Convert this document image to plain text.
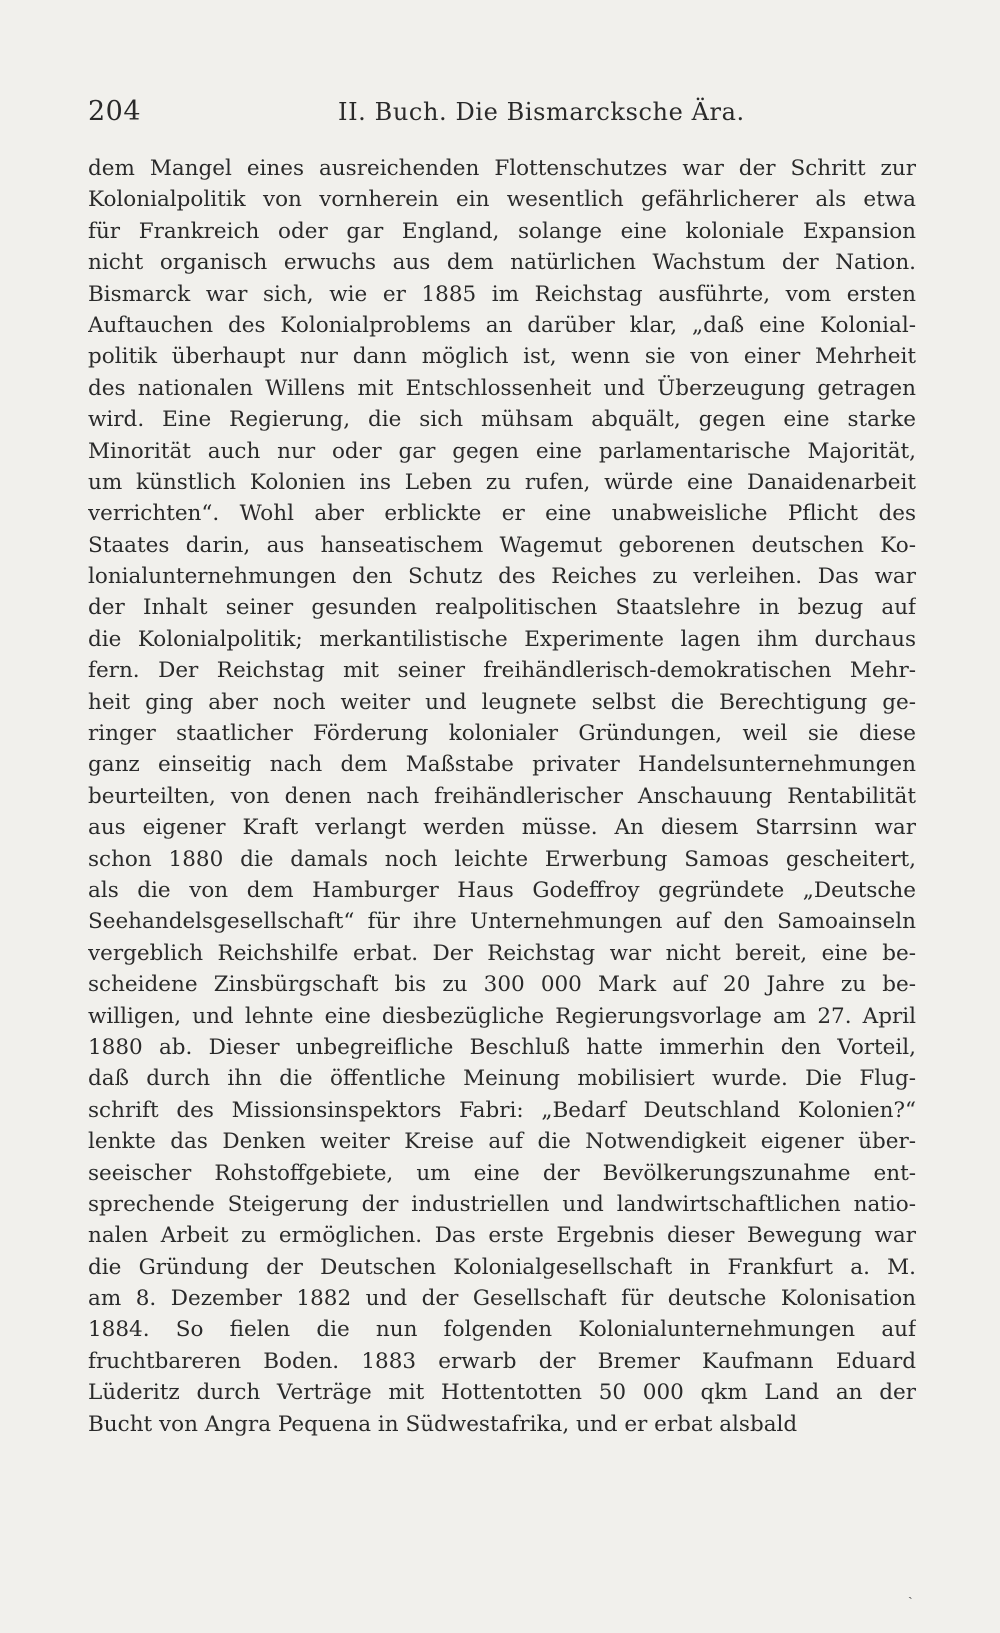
204	II. Buch. Die Bismarcksche Ära.
dem Mangel eines ausreichenden Flottenschutzes war der Schritt zur
Kolonialpolitik von vornherein ein wesentlich gefährlicherer als etwa
für Frankreich oder gar England, solange eine koloniale Expansion
nicht organisch erwuchs aus dem natürlichen Wachstum der Nation.
Bismarck war sich, wie er 1885 im Reichstag ausführte, vom ersten
Auftauchen des Kolonialproblems an darüber klar, „daß eine Kolonial-
politik überhaupt nur dann möglich ist, wenn sie von einer Mehrheit
des nationalen Willens mit Entschlossenheit und Überzeugung getragen
wird. Eine Regierung, die sich mühsam abquält, gegen eine starke
Minorität auch nur oder gar gegen eine parlamentarische Majorität,
um künstlich Kolonien ins Leben zu rufen, würde eine Danaidenarbeit
verrichten“. Wohl aber erblickte er eine unabweisliche Pflicht des
Staates darin, aus hanseatischem Wagemut geborenen deutschen Ko-
lonialunternehmungen den Schutz des Reiches zu verleihen. Das war
der Inhalt seiner gesunden realpolitischen Staatslehre in bezug auf
die Kolonialpolitik; merkantilistische Experimente lagen ihm durchaus
fern. Der Reichstag mit seiner freihändlerisch-demokratischen Mehr-
heit ging aber noch weiter und leugnete selbst die Berechtigung ge-
ringer staatlicher Förderung kolonialer Gründungen, weil sie diese
ganz einseitig nach dem Maßstabe privater Handelsunternehmungen
beurteilten, von denen nach freihändlerischer Anschauung Rentabilität
aus eigener Kraft verlangt werden müsse. An diesem Starrsinn war
schon 1880 die damals noch leichte Erwerbung Samoas gescheitert,
als die von dem Hamburger Haus Godeffroy gegründete „Deutsche
Seehandelsgesellschaft“ für ihre Unternehmungen auf den Samoainseln
vergeblich Reichshilfe erbat. Der Reichstag war nicht bereit, eine be-
scheidene Zinsbürgschaft bis zu 300 000 Mark auf 20 Jahre zu be-
willigen, und lehnte eine diesbezügliche Regierungsvorlage am 27. April
1880 ab. Dieser unbegreifliche Beschluß hatte immerhin den Vorteil,
daß durch ihn die öffentliche Meinung mobilisiert wurde. Die Flug-
schrift des Missionsinspektors Fabri: „Bedarf Deutschland Kolonien?“
lenkte das Denken weiter Kreise auf die Notwendigkeit eigener über-
seeischer Rohstoffgebiete, um eine der Bevölkerungszunahme ent-
sprechende Steigerung der industriellen und landwirtschaftlichen natio-
nalen Arbeit zu ermöglichen. Das erste Ergebnis dieser Bewegung war
die Gründung der Deutschen Kolonialgesellschaft in Frankfurt a. M.
am 8. Dezember 1882 und der Gesellschaft für deutsche Kolonisation
1884. So fielen die nun folgenden Kolonialunternehmungen auf
fruchtbareren Boden. 1883 erwarb der Bremer Kaufmann Eduard
Lüderitz durch Verträge mit Hottentotten 50 000 qkm Land an der
Bucht von Angra Pequena in Südwestafrika, und er erbat alsbald
ˎ
